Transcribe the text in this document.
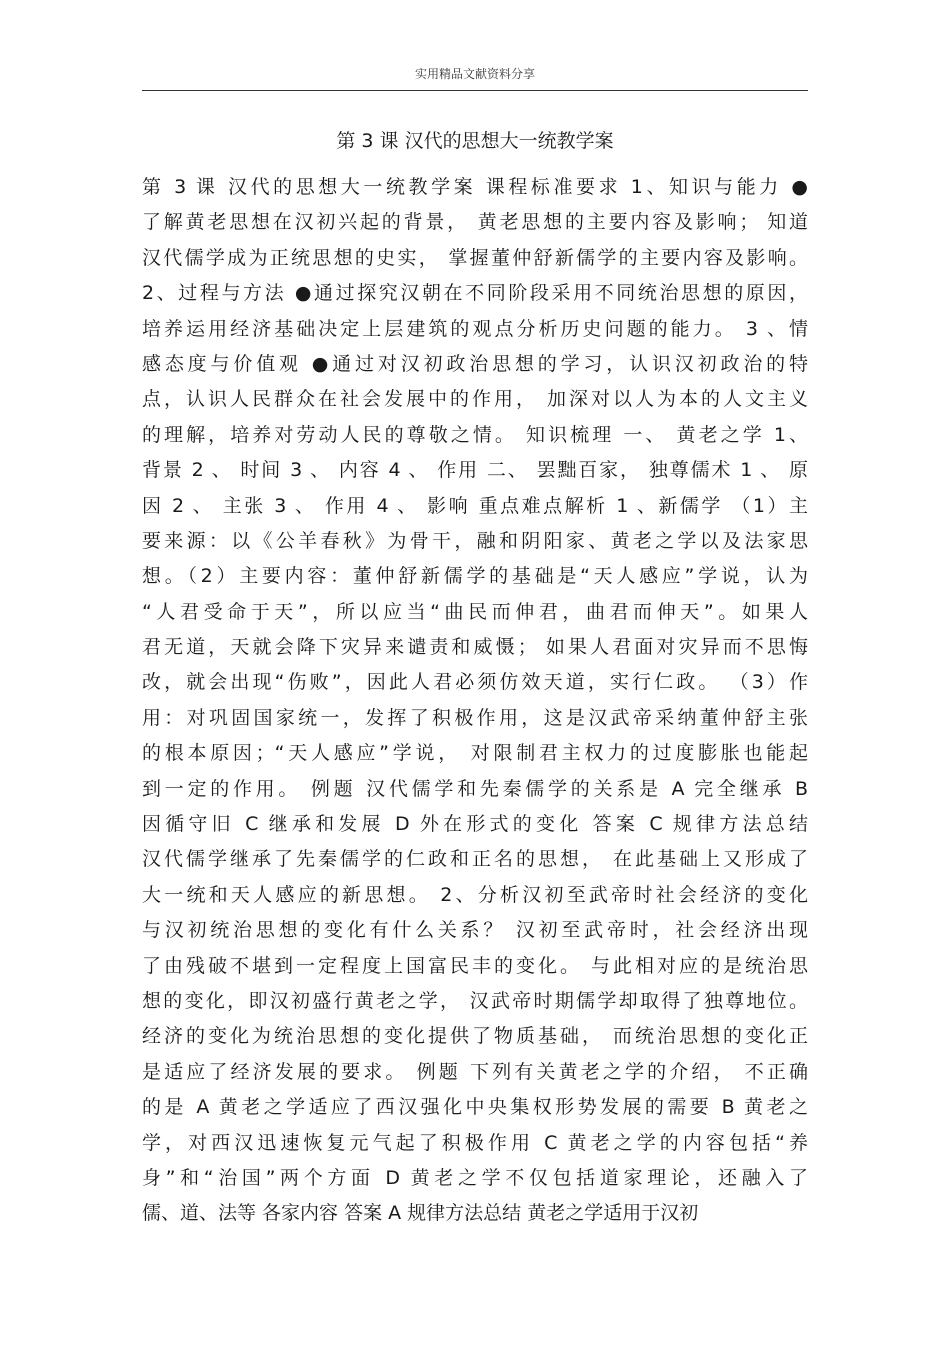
实用精品文献资料分享
第 3 课 汉代的思想大一统教学案
第 3 课 汉代的思想大一统教学案 课程标准要求 1、知识与能力 ●
了解黄老思想在汉初兴起的背景， 黄老思想的主要内容及影响； 知道
汉代儒学成为正统思想的史实， 掌握董仲舒新儒学的主要内容及影响。
2、过程与方法 ●通过探究汉朝在不同阶段采用不同统治思想的原因，
培养运用经济基础决定上层建筑的观点分析历史问题的能力。 3 、情
感态度与价值观 ●通过对汉初政治思想的学习，认识汉初政治的特
点，认识人民群众在社会发展中的作用， 加深对以人为本的人文主义
的理解，培养对劳动人民的尊敬之情。 知识梳理 一、 黄老之学 1、
背景 2 、 时间 3 、 内容 4 、 作用 二、 罢黜百家， 独尊儒术 1 、 原
因 2 、 主张 3 、 作用 4 、 影响 重点难点解析 1 、新儒学 （1）主
要来源：以《公羊春秋》为骨干，融和阴阳家、黄老之学以及法家思
想。（2）主要内容：董仲舒新儒学的基础是“天人感应”学说，认为
“人君受命于天”，所以应当“曲民而伸君，曲君而伸天”。如果人
君无道，天就会降下灾异来谴责和威慑； 如果人君面对灾异而不思悔
改，就会出现“伤败”，因此人君必须仿效天道，实行仁政。 （3）作
用：对巩固国家统一，发挥了积极作用，这是汉武帝采纳董仲舒主张
的根本原因；“天人感应”学说， 对限制君主权力的过度膨胀也能起
到一定的作用。 例题 汉代儒学和先秦儒学的关系是 A 完全继承 B
因循守旧 C 继承和发展 D 外在形式的变化 答案 C 规律方法总结
汉代儒学继承了先秦儒学的仁政和正名的思想， 在此基础上又形成了
大一统和天人感应的新思想。 2、分析汉初至武帝时社会经济的变化
与汉初统治思想的变化有什么关系？ 汉初至武帝时，社会经济出现
了由残破不堪到一定程度上国富民丰的变化。 与此相对应的是统治思
想的变化，即汉初盛行黄老之学， 汉武帝时期儒学却取得了独尊地位。
经济的变化为统治思想的变化提供了物质基础， 而统治思想的变化正
是适应了经济发展的要求。 例题 下列有关黄老之学的介绍， 不正确
的是 A 黄老之学适应了西汉强化中央集权形势发展的需要 B 黄老之
学，对西汉迅速恢复元气起了积极作用 C 黄老之学的内容包括“养
身”和“治国”两个方面 D 黄老之学不仅包括道家理论，还融入了
儒、道、法等 各家内容 答案 A 规律方法总结 黄老之学适用于汉初
